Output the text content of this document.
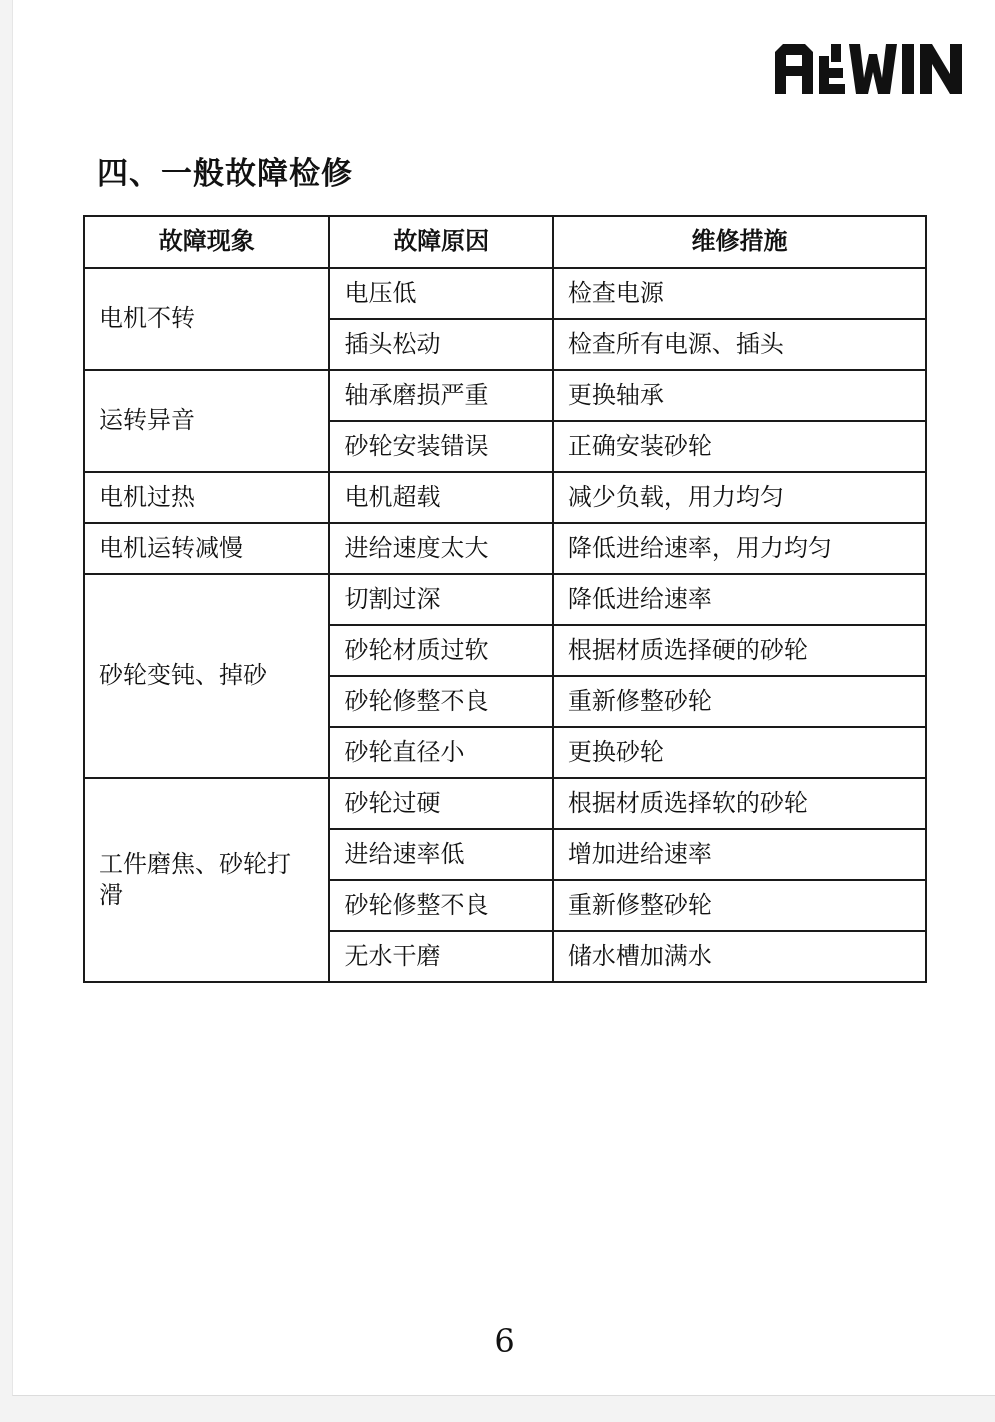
四、一般故障检修
故障现象	故障原因	维修措施
电机不转	电压低	检查电源
	插头松动	检查所有电源、插头
运转异音	轴承磨损严重	更换轴承
	砂轮安装错误	正确安装砂轮
电机过热	电机超载	减少负载，用力均匀
电机运转减慢	进给速度太大	降低进给速率，用力均匀
砂轮变钝、掉砂	切割过深	降低进给速率
	砂轮材质过软	根据材质选择硬的砂轮
	砂轮修整不良	重新修整砂轮
	砂轮直径小	更换砂轮
工件磨焦、砂轮打滑	砂轮过硬	根据材质选择软的砂轮
	进给速率低	增加进给速率
	砂轮修整不良	重新修整砂轮
	无水干磨	储水槽加满水
6
